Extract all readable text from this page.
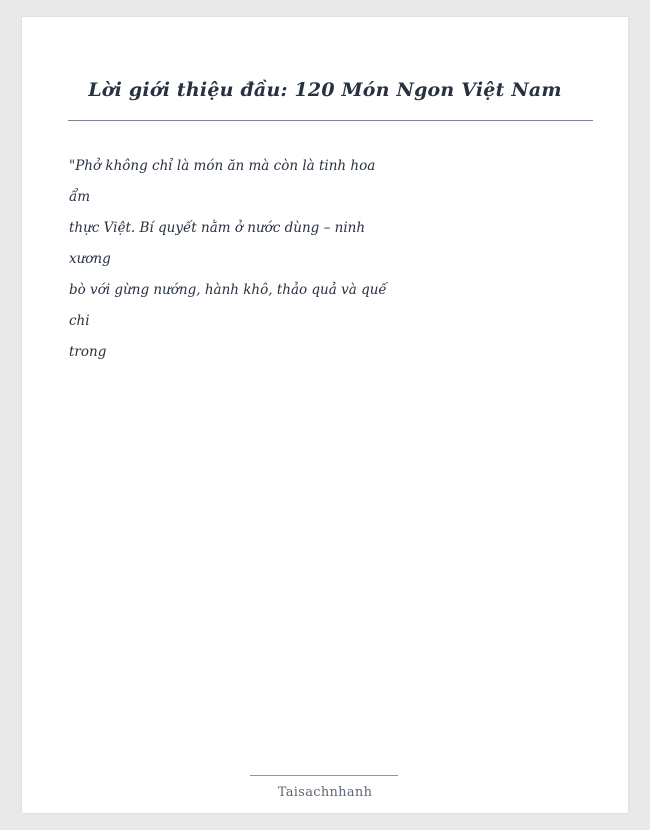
Lời giới thiệu đầu: 120 Món Ngon Việt Nam
"Phở không chỉ là món ăn mà còn là tinh hoa
ẩm
thực Việt. Bí quyết nằm ở nước dùng – ninh
xương
bò với gừng nướng, hành khô, thảo quả và quế
chi
trong
Taisachnhanh
